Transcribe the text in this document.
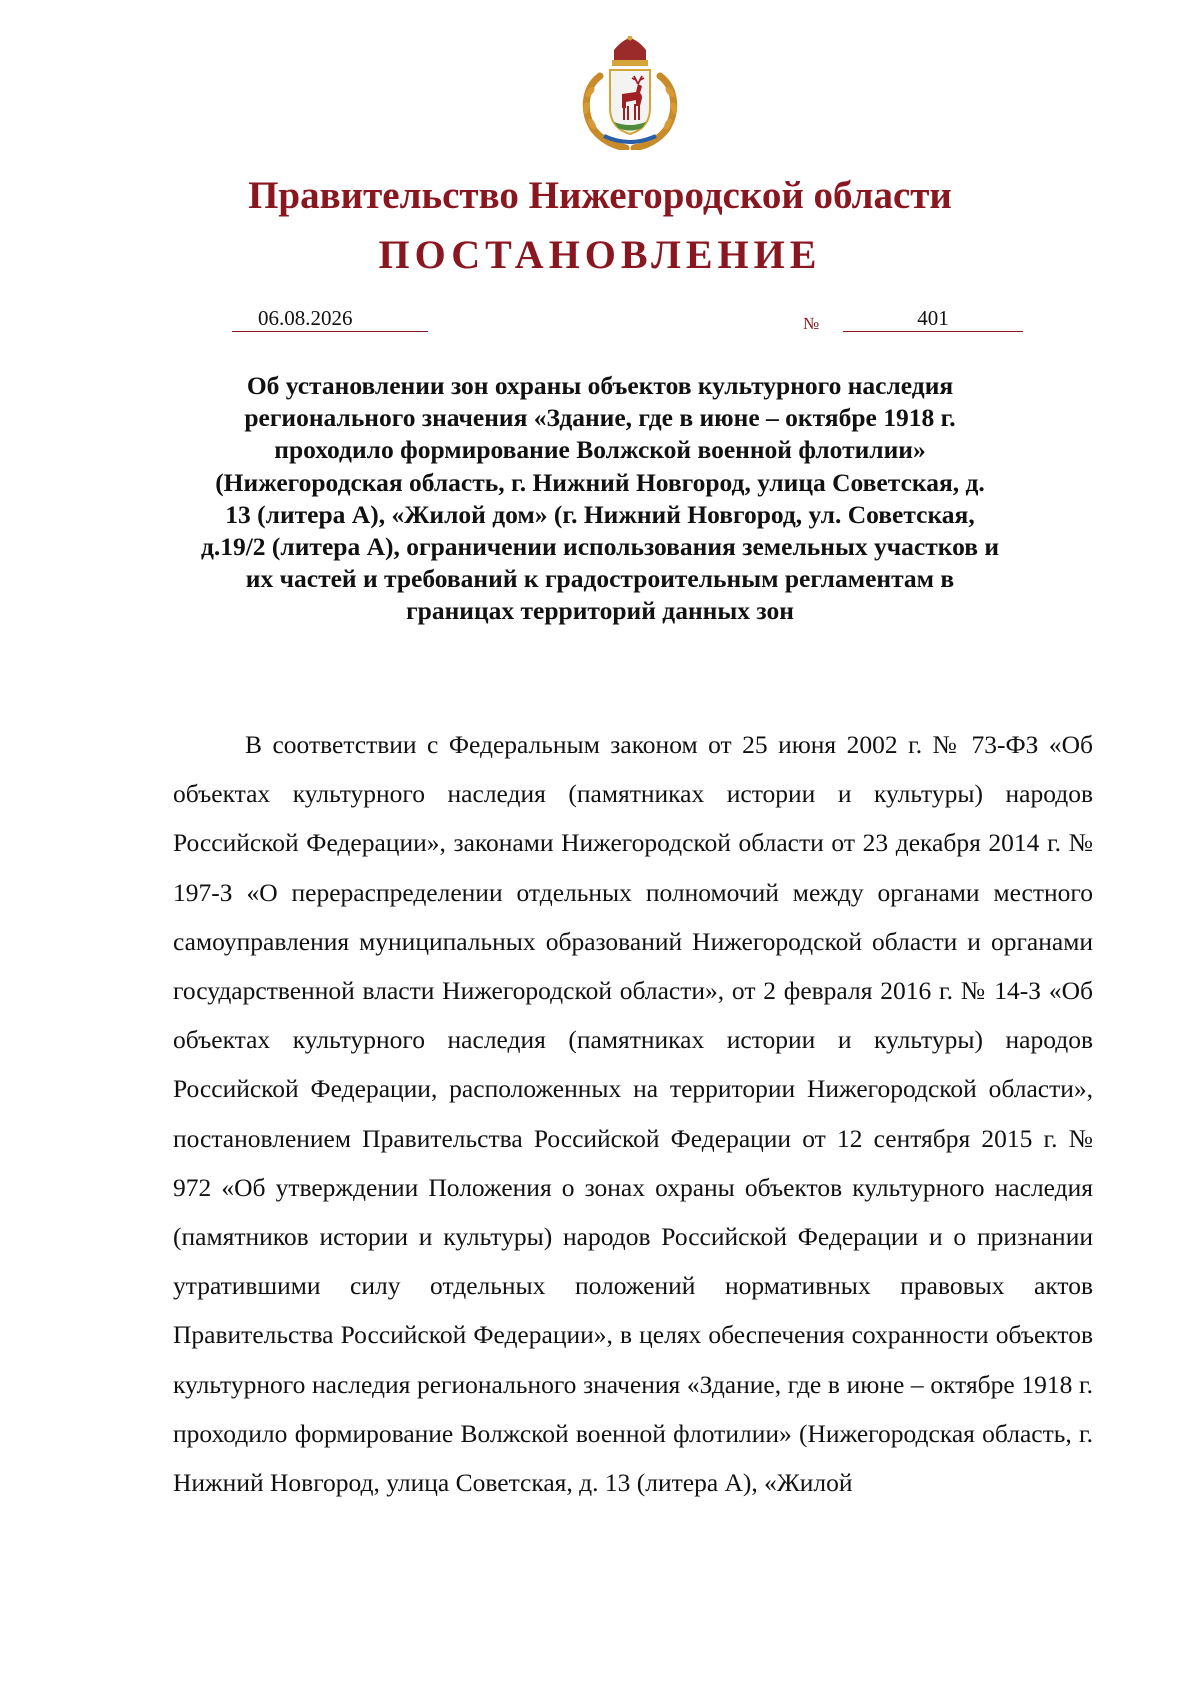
Правительство Нижегородской области
ПОСТАНОВЛЕНИЕ
06.08.2026	№	401

Об установлении зон охраны объектов культурного наследия регионального значения «Здание, где в июне – октябре 1918 г. проходило формирование Волжской военной флотилии» (Нижегородская область, г. Нижний Новгород, улица Советская, д. 13 (литера А), «Жилой дом» (г. Нижний Новгород, ул. Советская, д.19/2 (литера А), ограничении использования земельных участков и их частей и требований к градостроительным регламентам в границах территорий данных зон

В соответствии с Федеральным законом от 25 июня 2002 г. № 73-ФЗ «Об объектах культурного наследия (памятниках истории и культуры) народов Российской Федерации», законами Нижегородской области от 23 декабря 2014 г. № 197-З «О перераспределении отдельных полномочий между органами местного самоуправления муниципальных образований Нижегородской области и органами государственной власти Нижегородской области», от 2 февраля 2016 г. № 14-З «Об объектах культурного наследия (памятниках истории и культуры) народов Российской Федерации, расположенных на территории Нижегородской области», постановлением Правительства Российской Федерации от 12 сентября 2015 г. № 972 «Об утверждении Положения о зонах охраны объектов культурного наследия (памятников истории и культуры) народов Российской Федерации и о признании утратившими силу отдельных положений нормативных правовых актов Правительства Российской Федерации», в целях обеспечения сохранности объектов культурного наследия регионального значения «Здание, где в июне – октябре 1918 г. проходило формирование Волжской военной флотилии» (Нижегородская область, г. Нижний Новгород, улица Советская, д. 13 (литера А), «Жилой
